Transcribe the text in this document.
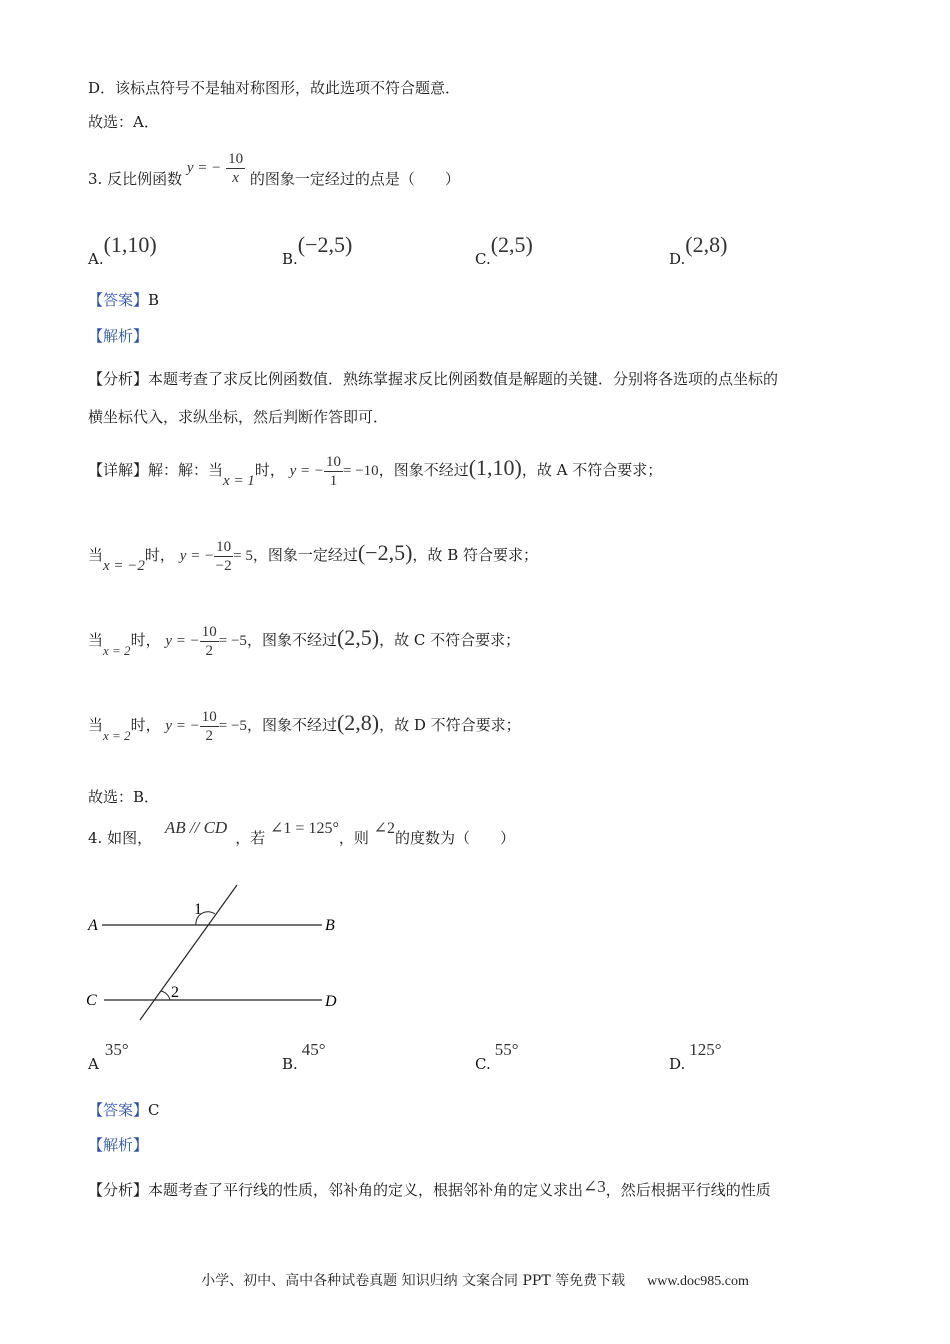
D．该标点符号不是轴对称图形，故此选项不符合题意．
故选：A．
3. 反比例函数 y = − $\frac{10}{x}$ 的图象一定经过的点是（　　）
A.(1,10)
B.(−2,5)
C.(2,5)
D.(2,8)
【答案】B
【解析】
【分析】本题考查了求反比例函数值．熟练掌握求反比例函数值是解题的关键．分别将各选项的点坐标的
横坐标代入，求纵坐标，然后判断作答即可．
【详解】解：解：当x = 1时， y = − $\frac{10}{1} = -10$，图象不经过(1,10)，故 A 不符合要求；
当x = −2时， y = − $\frac{10}{-2} = 5$，图象一定经过(−2,5)，故 B 符合要求；
当x = 2时， y = − $\frac{10}{2} = -5$，图象不经过(2,5)，故 C 不符合要求；
当x = 2时， y = − $\frac{10}{2} = -5$，图象不经过(2,8)，故 D 不符合要求；
故选：B．
4. 如图， AB // CD，若 ∠1 = 125°，则 ∠2的度数为（　　）
A	B
C	D
1
2
A35°
B.45°
C.55°
D.125°
【答案】C
【解析】
【分析】本题考查了平行线的性质，邻补角的定义，根据邻补角的定义求出∠3，然后根据平行线的性质
小学、初中、高中各种试卷真题 知识归纳 文案合同 PPT 等免费下载 www.doc985.com
